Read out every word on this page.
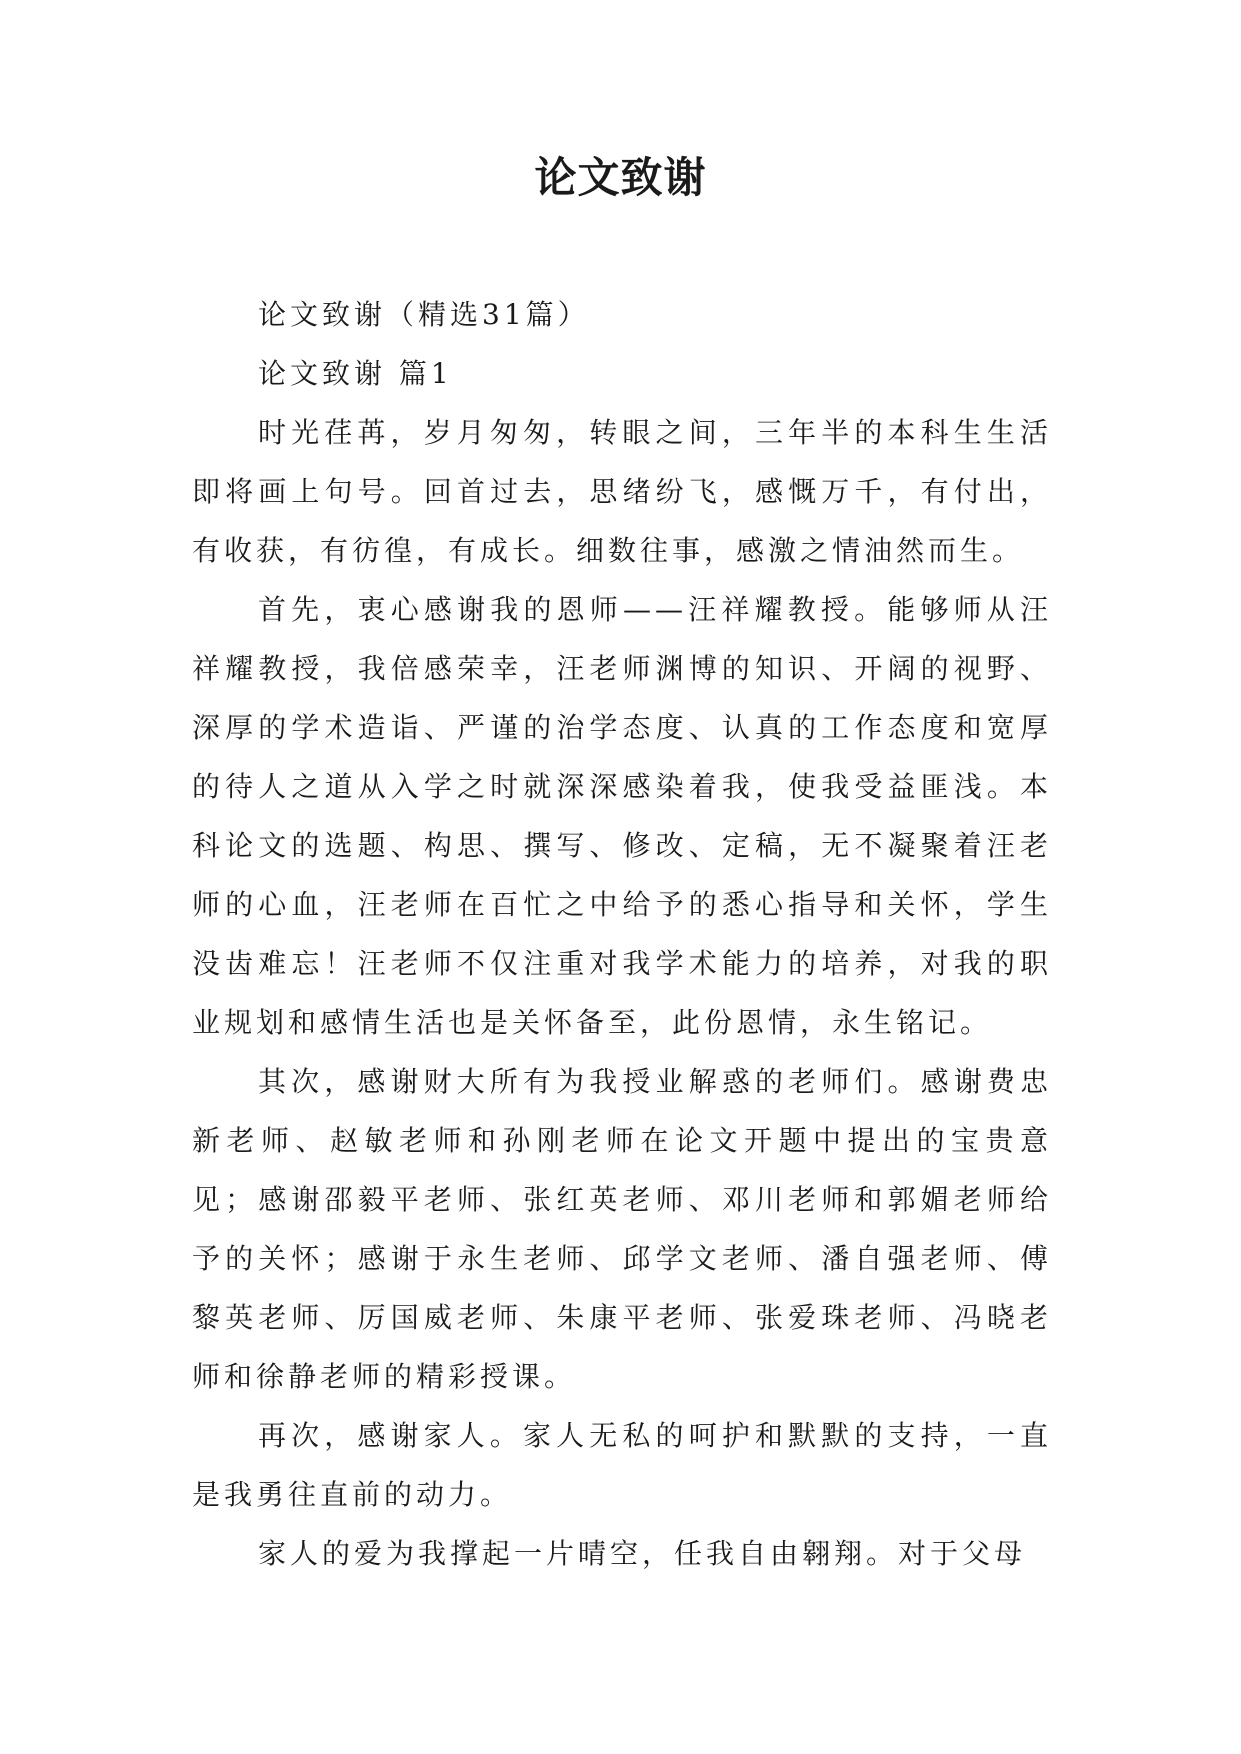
论文致谢

论文致谢（精选31篇）

论文致谢 篇1

时光荏苒，岁月匆匆，转眼之间，三年半的本科生生活即将画上句号。回首过去，思绪纷飞，感慨万千，有付出，有收获，有彷徨，有成长。细数往事，感激之情油然而生。

首先，衷心感谢我的恩师——汪祥耀教授。能够师从汪祥耀教授，我倍感荣幸，汪老师渊博的知识、开阔的视野、深厚的学术造诣、严谨的治学态度、认真的工作态度和宽厚的待人之道从入学之时就深深感染着我，使我受益匪浅。本科论文的选题、构思、撰写、修改、定稿，无不凝聚着汪老师的心血，汪老师在百忙之中给予的悉心指导和关怀，学生没齿难忘！汪老师不仅注重对我学术能力的培养，对我的职业规划和感情生活也是关怀备至，此份恩情，永生铭记。

其次，感谢财大所有为我授业解惑的老师们。感谢费忠新老师、赵敏老师和孙刚老师在论文开题中提出的宝贵意见；感谢邵毅平老师、张红英老师、邓川老师和郭媚老师给予的关怀；感谢于永生老师、邱学文老师、潘自强老师、傅黎英老师、厉国威老师、朱康平老师、张爱珠老师、冯晓老师和徐静老师的精彩授课。

再次，感谢家人。家人无私的呵护和默默的支持，一直是我勇往直前的动力。

家人的爱为我撑起一片晴空，任我自由翱翔。对于父母
